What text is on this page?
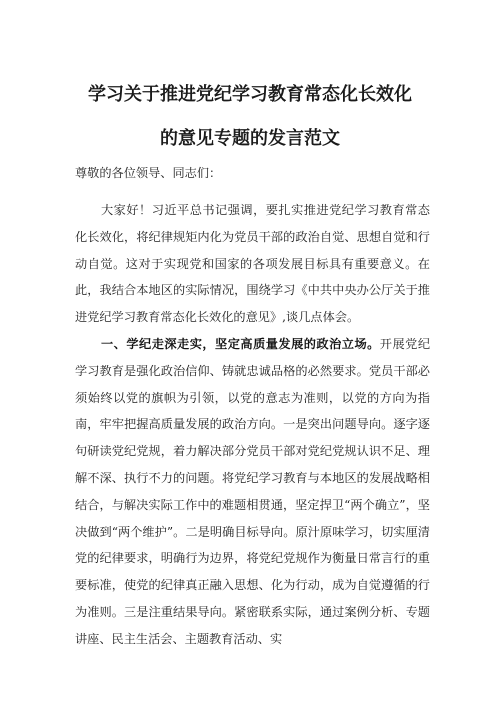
学习关于推进党纪学习教育常态化长效化
的意见专题的发言范文

尊敬的各位领导、同志们：

大家好！习近平总书记强调，要扎实推进党纪学习教育常态化长效化，将纪律规矩内化为党员干部的政治自觉、思想自觉和行动自觉。这对于实现党和国家的各项发展目标具有重要意义。在此，我结合本地区的实际情况，围绕学习《中共中央办公厅关于推进党纪学习教育常态化长效化的意见》,谈几点体会。

一、学纪走深走实，坚定高质量发展的政治立场。开展党纪学习教育是强化政治信仰、铸就忠诚品格的必然要求。党员干部必须始终以党的旗帜为引领，以党的意志为准则，以党的方向为指南，牢牢把握高质量发展的政治方向。一是突出问题导向。逐字逐句研读党纪党规，着力解决部分党员干部对党纪党规认识不足、理解不深、执行不力的问题。将党纪学习教育与本地区的发展战略相结合，与解决实际工作中的难题相贯通，坚定捍卫“两个确立”，坚决做到“两个维护”。二是明确目标导向。原汁原味学习，切实厘清党的纪律要求，明确行为边界，将党纪党规作为衡量日常言行的重要标准，使党的纪律真正融入思想、化为行动，成为自觉遵循的行为准则。三是注重结果导向。紧密联系实际，通过案例分析、专题讲座、民主生活会、主题教育活动、实
